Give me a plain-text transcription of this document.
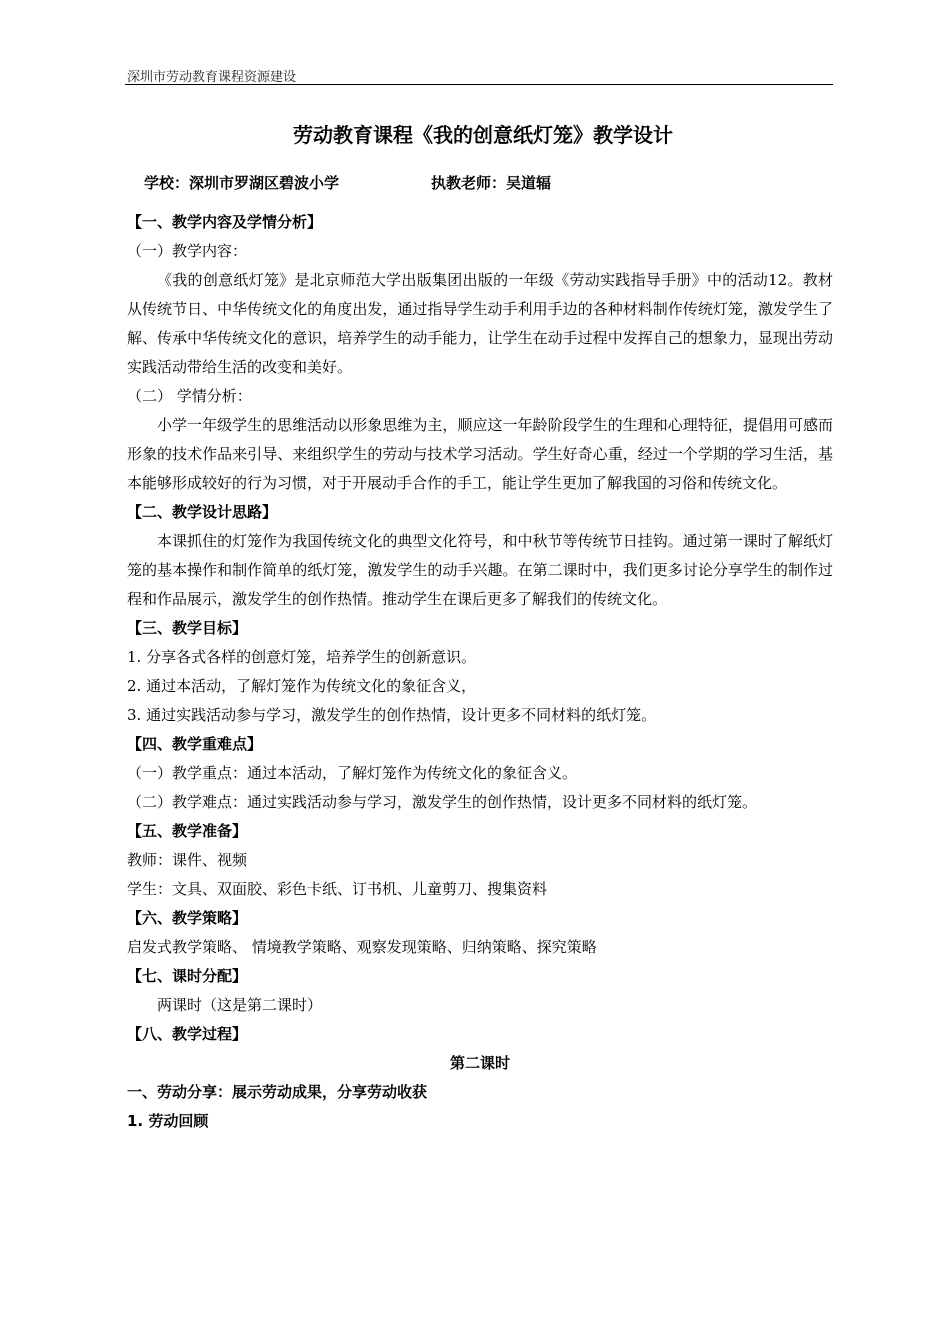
深圳市劳动教育课程资源建设
劳动教育课程《我的创意纸灯笼》教学设计
学校：深圳市罗湖区碧波小学	执教老师：吴道辐
【一、教学内容及学情分析】
（一）教学内容：
《我的创意纸灯笼》是北京师范大学出版集团出版的一年级《劳动实践指导手册》中的活动12。教材从传统节日、中华传统文化的角度出发，通过指导学生动手利用手边的各种材料制作传统灯笼，激发学生了解、传承中华传统文化的意识，培养学生的动手能力，让学生在动手过程中发挥自己的想象力，显现出劳动实践活动带给生活的改变和美好。
（二） 学情分析：
小学一年级学生的思维活动以形象思维为主，顺应这一年龄阶段学生的生理和心理特征，提倡用可感而形象的技术作品来引导、来组织学生的劳动与技术学习活动。学生好奇心重，经过一个学期的学习生活，基本能够形成较好的行为习惯，对于开展动手合作的手工，能让学生更加了解我国的习俗和传统文化。
【二、教学设计思路】
本课抓住的灯笼作为我国传统文化的典型文化符号，和中秋节等传统节日挂钩。通过第一课时了解纸灯笼的基本操作和制作简单的纸灯笼，激发学生的动手兴趣。在第二课时中，我们更多讨论分享学生的制作过程和作品展示，激发学生的创作热情。推动学生在课后更多了解我们的传统文化。
【三、教学目标】
1. 分享各式各样的创意灯笼，培养学生的创新意识。
2. 通过本活动，了解灯笼作为传统文化的象征含义，
3. 通过实践活动参与学习，激发学生的创作热情，设计更多不同材料的纸灯笼。
【四、教学重难点】
（一）教学重点：通过本活动，了解灯笼作为传统文化的象征含义。
（二）教学难点：通过实践活动参与学习，激发学生的创作热情，设计更多不同材料的纸灯笼。
【五、教学准备】
教师：课件、视频
学生：文具、双面胶、彩色卡纸、订书机、儿童剪刀、搜集资料
【六、教学策略】
启发式教学策略、 情境教学策略、观察发现策略、归纳策略、探究策略
【七、课时分配】
两课时（这是第二课时）
【八、教学过程】
第二课时
一、劳动分享：展示劳动成果，分享劳动收获
1. 劳动回顾
